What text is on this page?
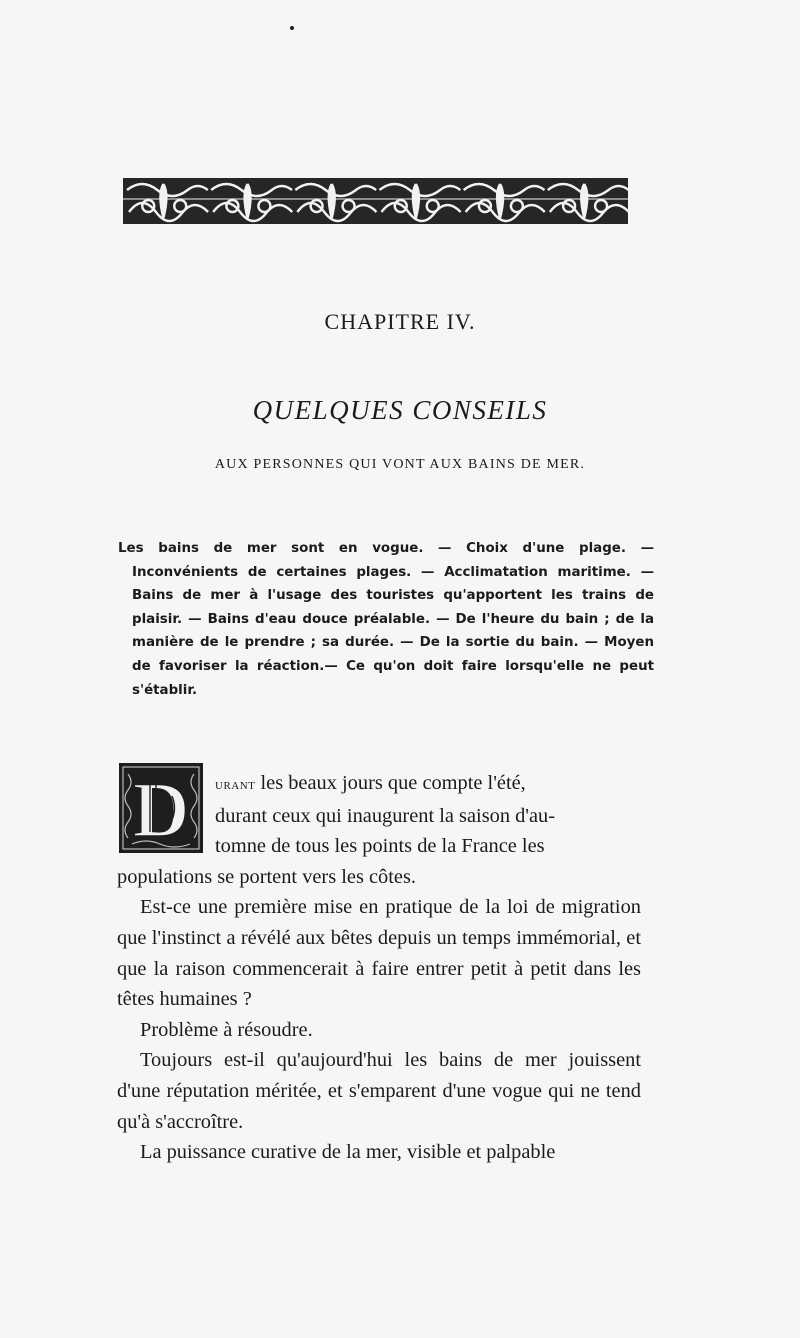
CHAPITRE IV.
QUELQUES CONSEILS
AUX PERSONNES QUI VONT AUX BAINS DE MER.
Les bains de mer sont en vogue. — Choix d'une plage. — Inconvénients de certaines plages. — Acclimatation maritime. — Bains de mer à l'usage des touristes qu'apportent les trains de plaisir. — Bains d'eau douce préalable. — De l'heure du bain ; de la manière de le prendre ; sa durée. — De la sortie du bain. — Moyen de favoriser la réaction.— Ce qu'on doit faire lorsqu'elle ne peut s'établir.
D	urant les beaux jours que compte l'été,

durant ceux qui inaugurent la saison d'au-

tomne de tous les points de la France les

populations se portent vers les côtes.

Est-ce une première mise en pratique de la loi de migration que l'instinct a révélé aux bêtes depuis un temps immémorial, et que la raison commencerait à faire entrer petit à petit dans les têtes humaines ?

Problème à résoudre.

Toujours est-il qu'aujourd'hui les bains de mer jouissent d'une réputation méritée, et s'emparent d'une vogue qui ne tend qu'à s'accroître.

La puissance curative de la mer, visible et palpable
